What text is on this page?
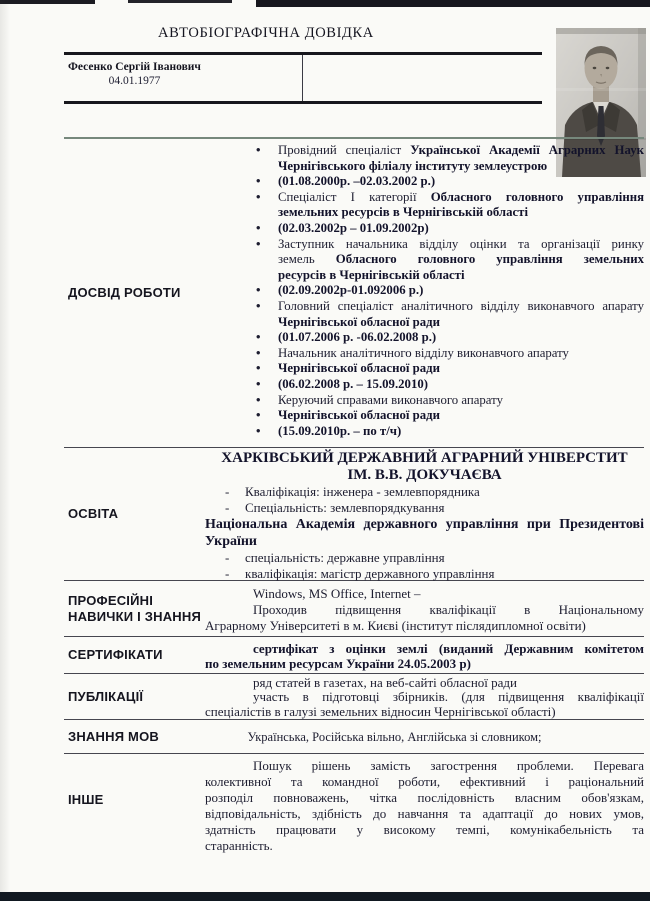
АВТОБІОГРАФІЧНА ДОВІДКА
Фесенко Сергій Іванович
04.01.1977
ДОСВІД РОБОТИ
•
Провідний спеціаліст Української Академії Аграрних Наук
Чернігівського філіалу інституту землеустрою
•
(01.08.2000р. –02.03.2002 р.)
•
Спеціаліст І категорії Обласного головного управління
земельних ресурсів в Чернігівській області
•
(02.03.2002р – 01.09.2002р)
•
Заступник начальника відділу оцінки та організації ринку
земель Обласного головного управління земельних
ресурсів в Чернігівській області
•
(02.09.2002р-01.092006 р.)
•
Головний спеціаліст аналітичного відділу виконавчого апарату
Чернігівської обласної ради
•
(01.07.2006 р. -06.02.2008 р.)
•
Начальник аналітичного відділу виконавчого апарату
•
Чернігівської обласної ради
•
(06.02.2008 р. – 15.09.2010)
•
Керуючий справами виконавчого апарату
•
Чернігівської обласної ради
•
(15.09.2010р. – по т/ч)
ОСВІТА
ХАРКІВСЬКИЙ ДЕРЖАВНИЙ АГРАРНИЙ УНІВЕРСТИТ
ІМ. В.В. ДОКУЧАЄВА
- Кваліфікація: інженера - землевпорядника
- Спеціальність: землевпорядкування
Національна Академія державного управління при Президентові
України
- спеціальність: державне управління
- кваліфікація: магістр державного управління
ПРОФЕСІЙНІ НАВИЧКИ І ЗНАННЯ
Windows, MS Office, Internet –
Проходив підвищення кваліфікації в Національному
Аграрному Університеті в м. Києві (інститут післядипломної освіти)
СЕРТИФІКАТИ	сертифікат з оцінки землі (виданий Державним комітетом
по земельним ресурсам України 24.05.2003 р)
ПУБЛІКАЦІЇ
ряд статей в газетах, на веб-сайті обласної ради
участь в підготовці збірників. (для підвищення кваліфікації
спеціалістів в галузі земельних відносин Чернігівської області)
ЗНАННЯ МОВ	Українська, Російська вільно, Англійська зі словником;
ІНШЕ
Пошук рішень замість загострення проблеми. Перевага
колективної та командної роботи, ефективний і раціональний
розподіл повноважень, чітка послідовність власним обов'язкам,
відповідальність, здібність до навчання та адаптації до нових умов,
здатність працювати у високому темпі, комунікабельність та
старанність.
